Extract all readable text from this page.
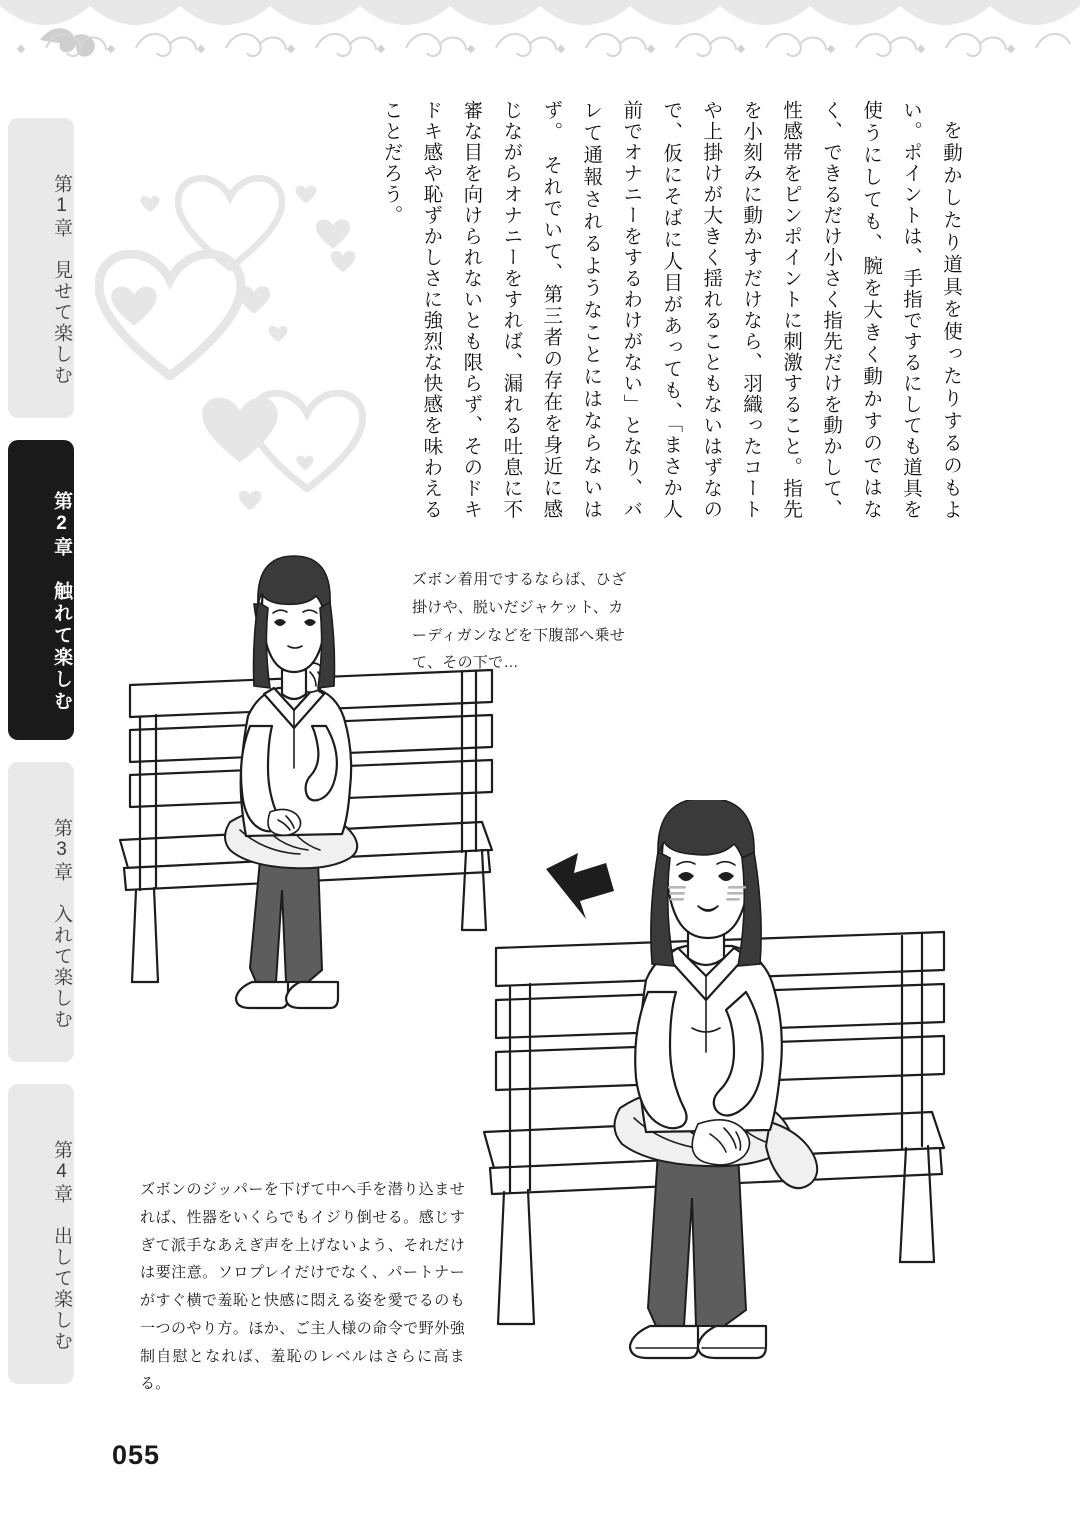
第1章　見せて楽しむ
第2章　触れて楽しむ
第3章　入れて楽しむ
第4章　出して楽しむ

を動かしたり道具を使ったりするのもよい。ポイントは、手指でするにしても道具を使うにしても、腕を大きく動かすのではなく、できるだけ小さく指先だけを動かして、性感帯をピンポイントに刺激すること。指先を小刻みに動かすだけなら、羽織ったコートや上掛けが大きく揺れることもないはずなので、仮にそばに人目があっても、「まさか人前でオナニーをするわけがない」となり、バレて通報されるようなことにはならないはず。　それでいて、第三者の存在を身近に感じながらオナニーをすれば、漏れる吐息に不審な目を向けられないとも限らず、そのドキドキ感や恥ずかしさに強烈な快感を味わえることだろう。

ズボン着用でするならば、ひざ掛けや、脱いだジャケット、カーディガンなどを下腹部へ乗せて、その下で…
ズボンのジッパーを下げて中へ手を潜り込ませれば、性器をいくらでもイジり倒せる。感じすぎて派手なあえぎ声を上げないよう、それだけは要注意。ソロプレイだけでなく、パートナーがすぐ横で羞恥と快感に悶える姿を愛でるのも一つのやり方。ほか、ご主人様の命令で野外強制自慰となれば、羞恥のレベルはさらに高まる。
055
